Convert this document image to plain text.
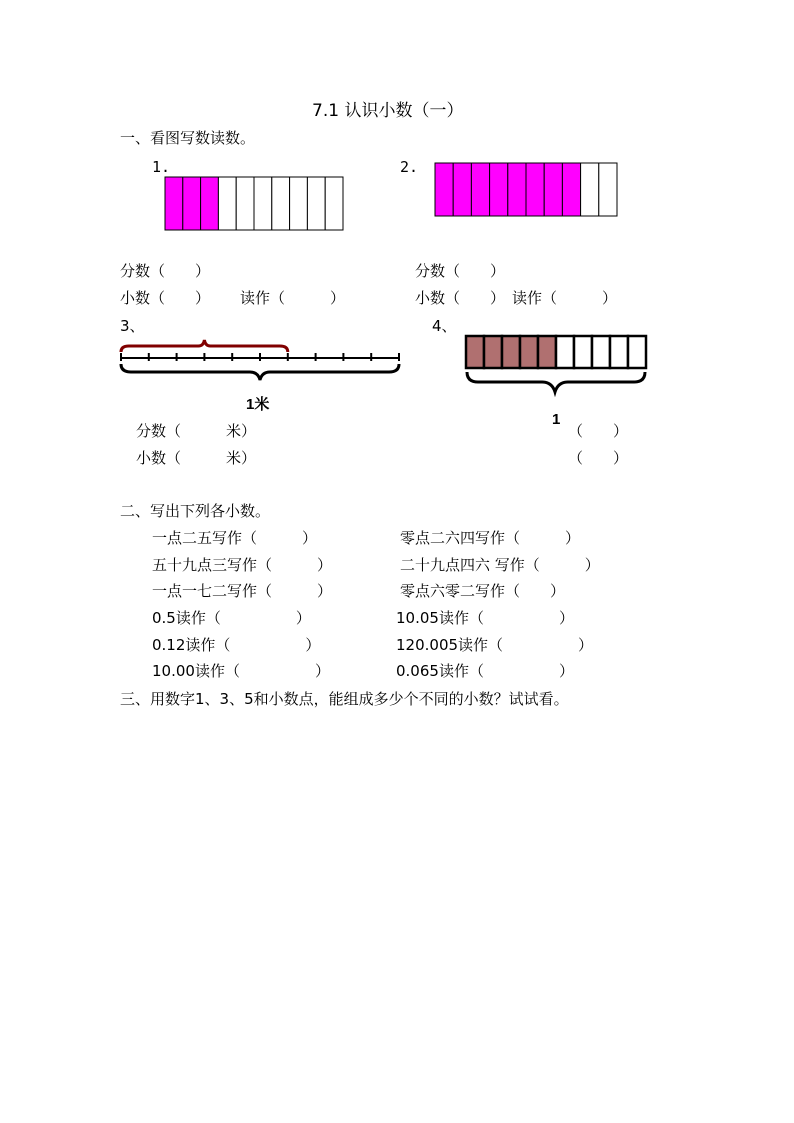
7.1 认识小数（一）
一、看图写数读数。
1.	2.
分数（　　）	分数（　　）
小数（　　） 读作（　　　）	小数（　　） 读作（　　　）
3、
1米
分数（　　　米）
小数（　　　米）
4、
1
（　　）
（　　）
二、写出下列各小数。
一点二五写作（　　　）	零点二六四写作（　　　）
五十九点三写作（　　　）	二十九点四六 写作（　　　）
一点一七二写作（　　　）	零点六零二写作（　　）
0.5读作（　　　　　）	10.05读作（　　　　　）
0.12读作（　　　　　）	120.005读作（　　　　　）
10.00读作（　　　　　）	0.065读作（　　　　　）
三、用数字1、3、5和小数点，能组成多少个不同的小数？试试看。
